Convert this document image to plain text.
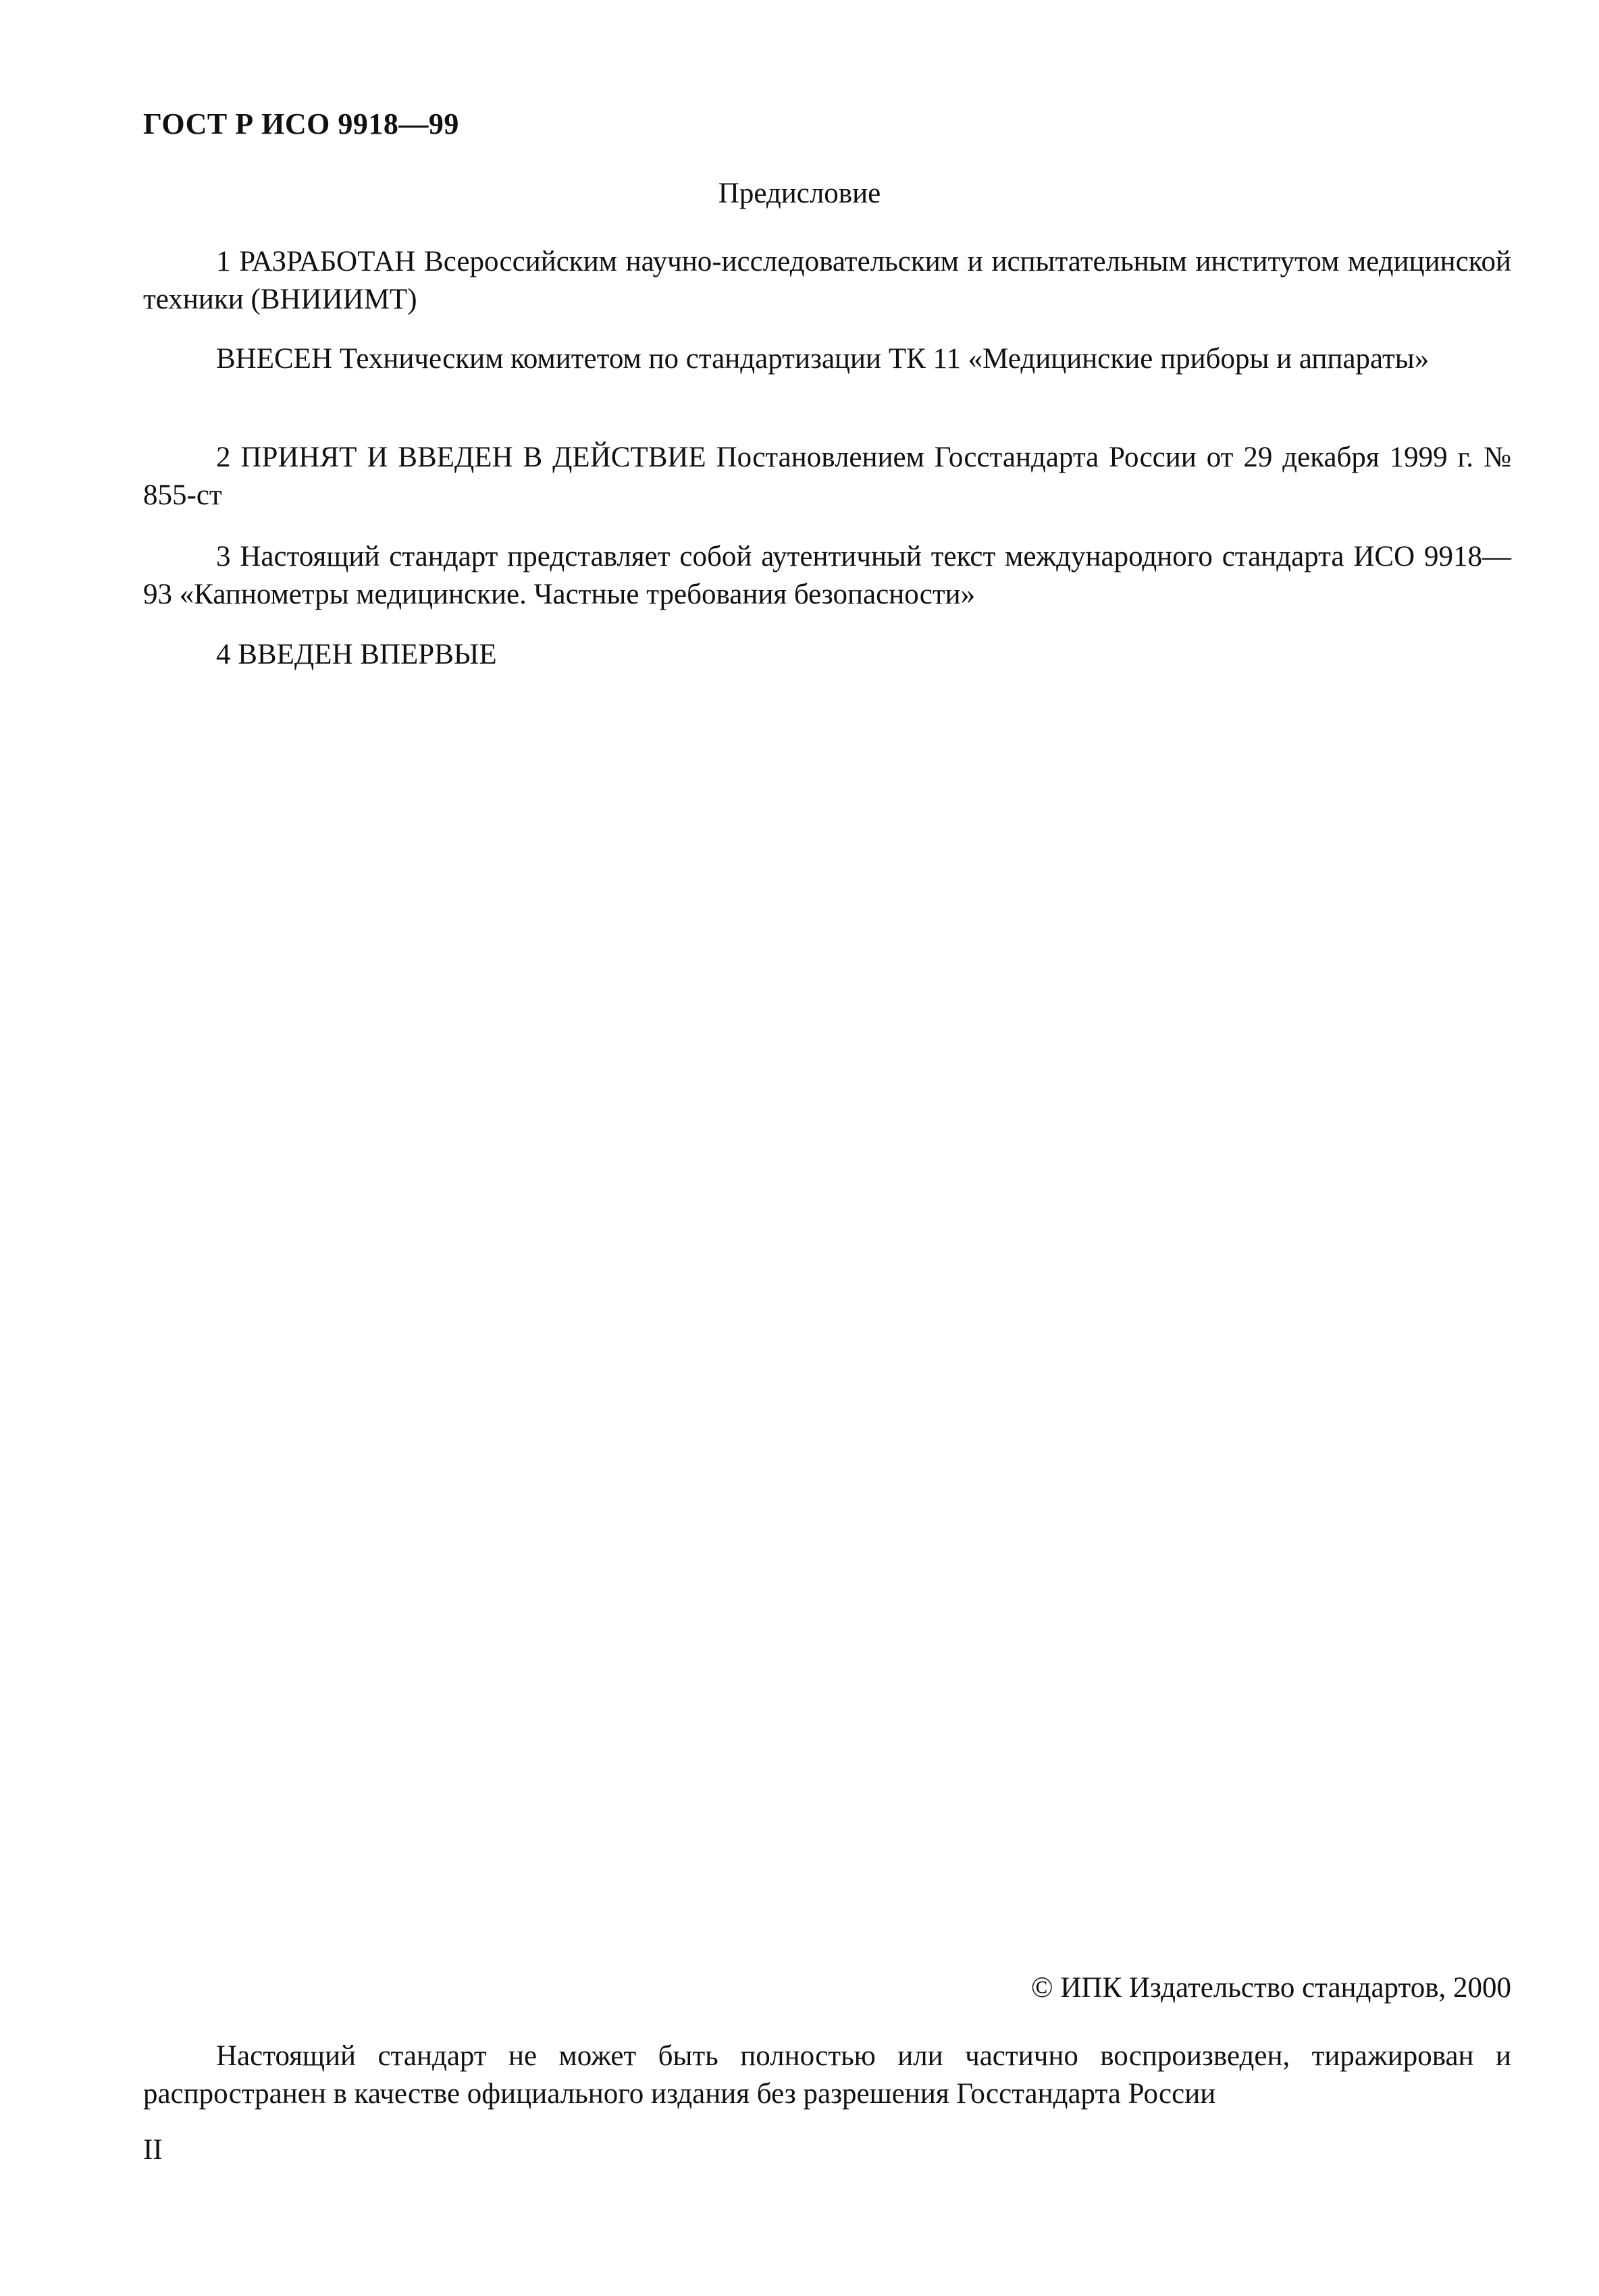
ГОСТ Р ИСО 9918—99
Предисловие

1 РАЗРАБОТАН Всероссийским научно-исследовательским и испытательным институтом медицинской техники (ВНИИИМТ)

ВНЕСЕН Техническим комитетом по стандартизации ТК 11 «Медицинские приборы и аппараты»

2 ПРИНЯТ И ВВЕДЕН В ДЕЙСТВИЕ Постановлением Госстандарта России от 29 декабря 1999 г. № 855-ст

3 Настоящий стандарт представляет собой аутентичный текст международного стандарта ИСО 9918—93 «Капнометры медицинские. Частные требования безопасности»

4 ВВЕДЕН ВПЕРВЫЕ

© ИПК Издательство стандартов, 2000

Настоящий стандарт не может быть полностью или частично воспроизведен, тиражирован и распространен в качестве официального издания без разрешения Госстандарта России

II
